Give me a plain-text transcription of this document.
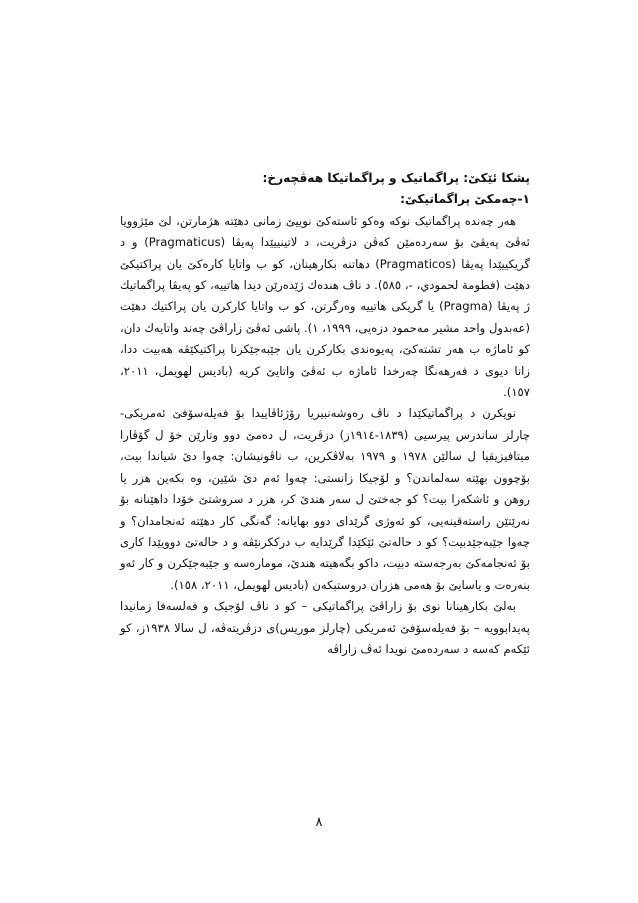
پشکا ئێکێ: پراگماتیک و پراگماتیکا هەڤچەرخ:

١-چەمکێ پراگماتیکێ:

هەر چەندە پراگماتیک نوکە وەکو ئاستەکێ نوییێ زمانی دهێتە هژمارتن، لێ مێژوویا ئەڤێ پەیڤێ بۆ سەردەمێن کەڤن دزڤریت، د لاتینییێدا پەیڤا (Pragmaticus) و د گریکییێدا پەیڤا (Pragmaticos) دهاتنە بکارهینان، کو ب واتایا کارەکێ یان پراکتیکێ دهێت (فطومة لحمودي، -، ٥٨٥). د ناڤ هندەك ژێدەرێن دیدا هاتییە، کو پەیڤا پراگماتیك ژ پەیڤا (Pragma) یا گریکی هاتییە وەرگرتن، کو ب واتایا کارکرن یان پراکتیك دهێت (عەبدول واحد مشیر مەحمود دزەیی، ١٩٩٩، ١). پاشی ئەڤێ زاراڤێ چەند واتایەك دان، کو ئاماژە ب هەر تشتەکێ، پەیوەندی بکارکرن یان جێبەجێکرنا پراکتیکێڤە هەبیت ددا، زانا دیوی د فەرهەنگا چەرخدا ئاماژە ب ئەڤێ واتایێ کریە (بادیس لهویمل، ٢٠١١، ١٥٧).

نویکرن د پراگماتیکێدا د ناڤ رەوشەنبیریا رۆژئاڤاییدا بۆ فەیلەسۆفێ ئەمریکی- چارلز ساندرس پیرسیی (١٨٣٩-١٩١٤ز) دزڤریت، ل دەمێ دوو وتارێن خۆ ل گۆڤارا میتافیزیقیا ل سالێن ١٩٧٨ و ١٩٧٩ بەلاڤکرین، ب ناڤونیشان: چەوا دێ شیاندا بیت، بۆچوون بهێتە سەلماندن؟ و لۆجیکا زانستی: چەوا ئەم دێ شێین، وە بکەین هزر یا روهن و ئاشکەرا بیت؟ کو جەختێ ل سەر هندێ کر، هزر د سروشتێ خۆدا داهێنانە بۆ نەرێتێن راستەقینەیی، کو ئەوژی گرێدای دوو بهایانە: گەنگی کار دهێتە ئەنجامدان؟ و چەوا جێبەجێدبیت؟ کو د حالەتێ ئێکێدا گرێدایە ب درککرنێڤە و د حالەتێ دوویێدا کاری بۆ ئەنجامەکێ بەرجەستە دبیت، داکو بگەهیتە هندێ، مومارەسە و جێبەجێکرن و کار ئەو بنەرەت و یاسایێ بۆ هەمی هزران دروستبکەن (بادیس لهویمل، ٢٠١١، ١٥٨).

بەلێ بکارهینانا نوی بۆ زاراڤێ پراگماتیکی – کو د ناڤ لۆجیک و فەلسەفا زمانیدا پەیدابوویە – بۆ فەیلەسۆفێ ئەمریکی (چارلز موریس)ی دزڤریتەڤە، ل سالا ١٩٣٨ز، کو ئێکەم کەسە د سەردەمێ نویدا ئەڤ زاراڤە

٨
